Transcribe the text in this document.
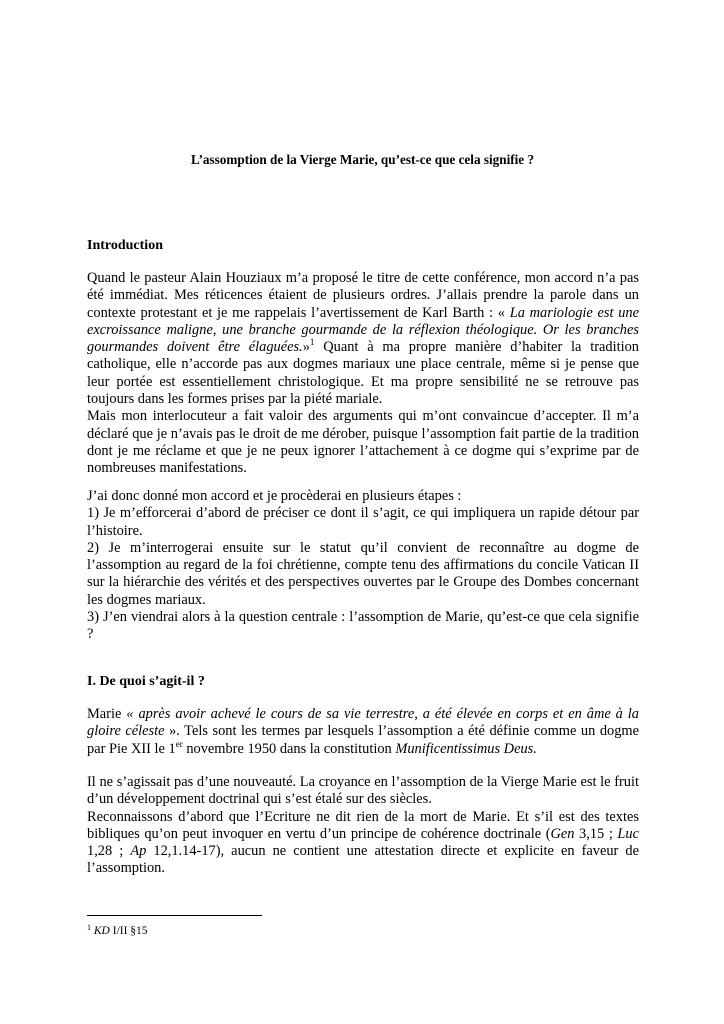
L’assomption de la Vierge Marie, qu’est-ce que cela signifie ?

Introduction

Quand le pasteur Alain Houziaux m’a proposé le titre de cette conférence, mon accord n’a pas été immédiat. Mes réticences étaient de plusieurs ordres. J’allais prendre la parole dans un contexte protestant et je me rappelais l’avertissement de Karl Barth : « La mariologie est une excroissance maligne, une branche gourmande de la réflexion théologique. Or les branches gourmandes doivent être élaguées.»$^1$ Quant à ma propre manière d’habiter la tradition catholique, elle n’accorde pas aux dogmes mariaux une place centrale, même si je pense que leur portée est essentiellement christologique. Et ma propre sensibilité ne se retrouve pas toujours dans les formes prises par la piété mariale.

Mais mon interlocuteur a fait valoir des arguments qui m’ont convaincue d’accepter. Il m’a déclaré que je n’avais pas le droit de me dérober, puisque l’assomption fait partie de la tradition dont je me réclame et que je ne peux ignorer l’attachement à ce dogme qui s’exprime par de nombreuses manifestations.

J’ai donc donné mon accord et je procèderai en plusieurs étapes :

1) Je m’efforcerai d’abord de préciser ce dont il s’agit, ce qui impliquera un rapide détour par l’histoire.

2) Je m’interrogerai ensuite sur le statut qu’il convient de reconnaître au dogme de l’assomption au regard de la foi chrétienne, compte tenu des affirmations du concile Vatican II sur la hiérarchie des vérités et des perspectives ouvertes par le Groupe des Dombes concernant les dogmes mariaux.

3) J’en viendrai alors à la question centrale : l’assomption de Marie, qu’est-ce que cela signifie ?

I. De quoi s’agit-il ?

Marie « après avoir achevé le cours de sa vie terrestre, a été élevée en corps et en âme à la gloire céleste ». Tels sont les termes par lesquels l’assomption a été définie comme un dogme par Pie XII le 1er novembre 1950 dans la constitution Munificentissimus Deus.

Il ne s’agissait pas d’une nouveauté. La croyance en l’assomption de la Vierge Marie est le fruit d’un développement doctrinal qui s’est étalé sur des siècles.

Reconnaissons d’abord que l’Ecriture ne dit rien de la mort de Marie. Et s’il est des textes bibliques qu’on peut invoquer en vertu d’un principe de cohérence doctrinale (Gen 3,15 ; Luc 1,28 ; Ap 12,1.14-17), aucun ne contient une attestation directe et explicite en faveur de l’assomption.

$^1$ KD I/II §15
